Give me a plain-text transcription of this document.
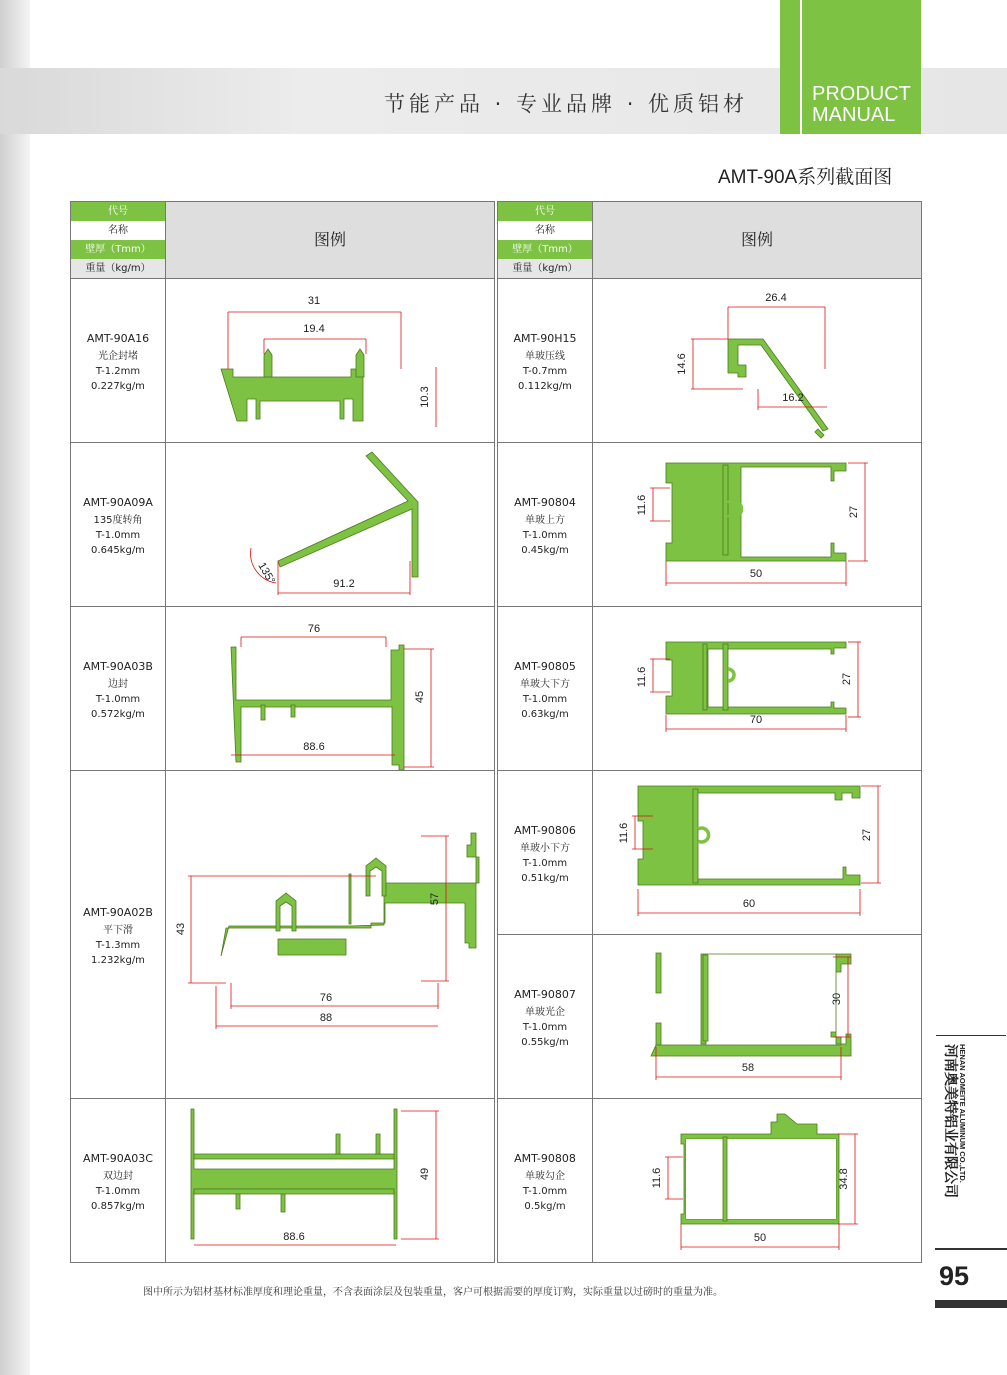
节能产品 · 专业品牌 · 优质铝材	PRODUCT
MANUAL
AMT-90A系列截面图
代号
名称
壁厚（Tmm）
重量（kg/m）
图例
AMT-90A16
光企封堵
T-1.2mm
0.227kg/m
31
19.4
10.3
AMT-90A09A
135度转角
T-1.0mm
0.645kg/m
135°	91.2
AMT-90A03B
边封
T-1.0mm
0.572kg/m
76
45
88.6
AMT-90A02B
平下滑
T-1.3mm
1.232kg/m
57
43
76
88
AMT-90A03C
双边封
T-1.0mm
0.857kg/m
49
88.6
代号
名称
壁厚（Tmm）
重量（kg/m）
图例
AMT-90H15
单玻压线
T-0.7mm
0.112kg/m
26.4
14.6
16.2
AMT-90804
单玻上方
T-1.0mm
0.45kg/m
11.6	27
50
AMT-90805
单玻大下方
T-1.0mm
0.63kg/m
11.6	27
70
AMT-90806
单玻小下方
T-1.0mm
0.51kg/m
11.6	27
60
AMT-90807
单玻光企
T-1.0mm
0.55kg/m
30
58
AMT-90808
单玻勾企
T-1.0mm
0.5kg/m
11.6	34.8
50
河南奥美特铝业有限公司 HENAN AOMEITE ALUMINUM CO.,LTD.
95
图中所示为铝材基材标准厚度和理论重量，不含表面涂层及包装重量，客户可根据需要的厚度订购，实际重量以过磅时的重量为准。
